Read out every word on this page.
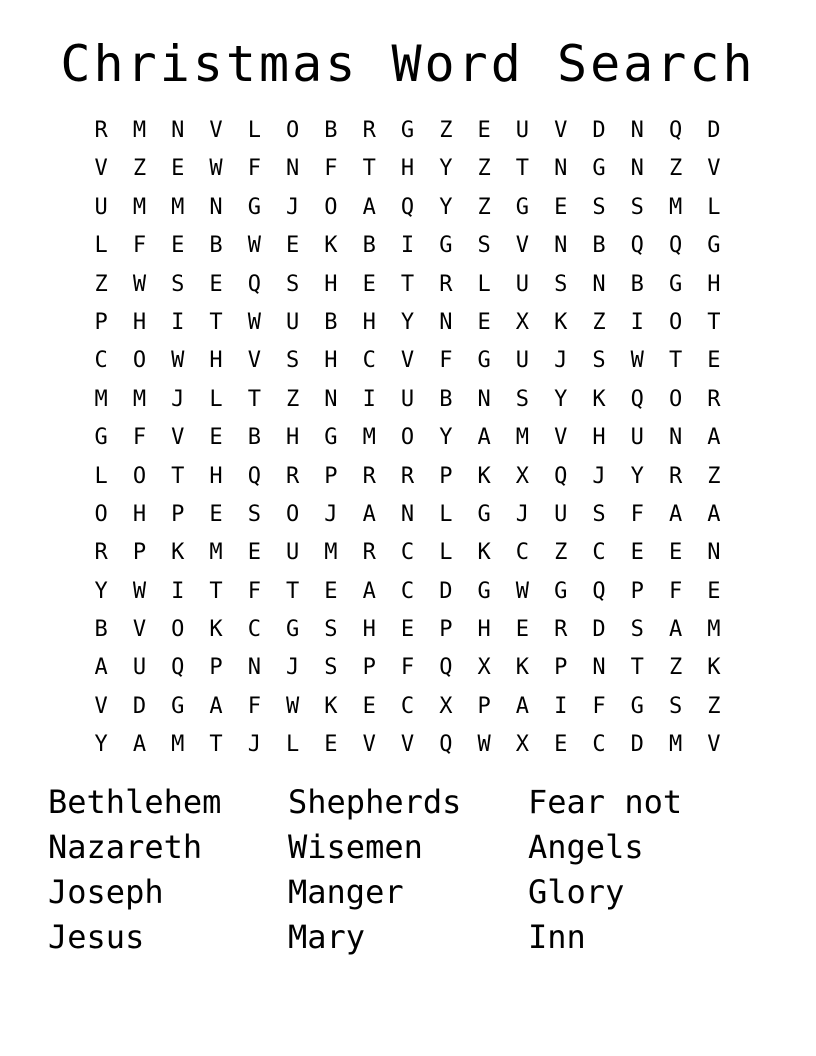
Christmas Word Search
R	M	N	V	L	O	B	R	G	Z	E	U	V	D	N	Q	D
V	Z	E	W	F	N	F	T	H	Y	Z	T	N	G	N	Z	V
U	M	M	N	G	J	O	A	Q	Y	Z	G	E	S	S	M	L
L	F	E	B	W	E	K	B	I	G	S	V	N	B	Q	Q	G
Z	W	S	E	Q	S	H	E	T	R	L	U	S	N	B	G	H
P	H	I	T	W	U	B	H	Y	N	E	X	K	Z	I	O	T
C	O	W	H	V	S	H	C	V	F	G	U	J	S	W	T	E
M	M	J	L	T	Z	N	I	U	B	N	S	Y	K	Q	O	R
G	F	V	E	B	H	G	M	O	Y	A	M	V	H	U	N	A
L	O	T	H	Q	R	P	R	R	P	K	X	Q	J	Y	R	Z
O	H	P	E	S	O	J	A	N	L	G	J	U	S	F	A	A
R	P	K	M	E	U	M	R	C	L	K	C	Z	C	E	E	N
Y	W	I	T	F	T	E	A	C	D	G	W	G	Q	P	F	E
B	V	O	K	C	G	S	H	E	P	H	E	R	D	S	A	M
A	U	Q	P	N	J	S	P	F	Q	X	K	P	N	T	Z	K
V	D	G	A	F	W	K	E	C	X	P	A	I	F	G	S	Z
Y	A	M	T	J	L	E	V	V	Q	W	X	E	C	D	M	V
Bethlehem	Shepherds	Fear not
Nazareth	Wisemen	Angels
Joseph	Manger	Glory
Jesus	Mary	Inn
